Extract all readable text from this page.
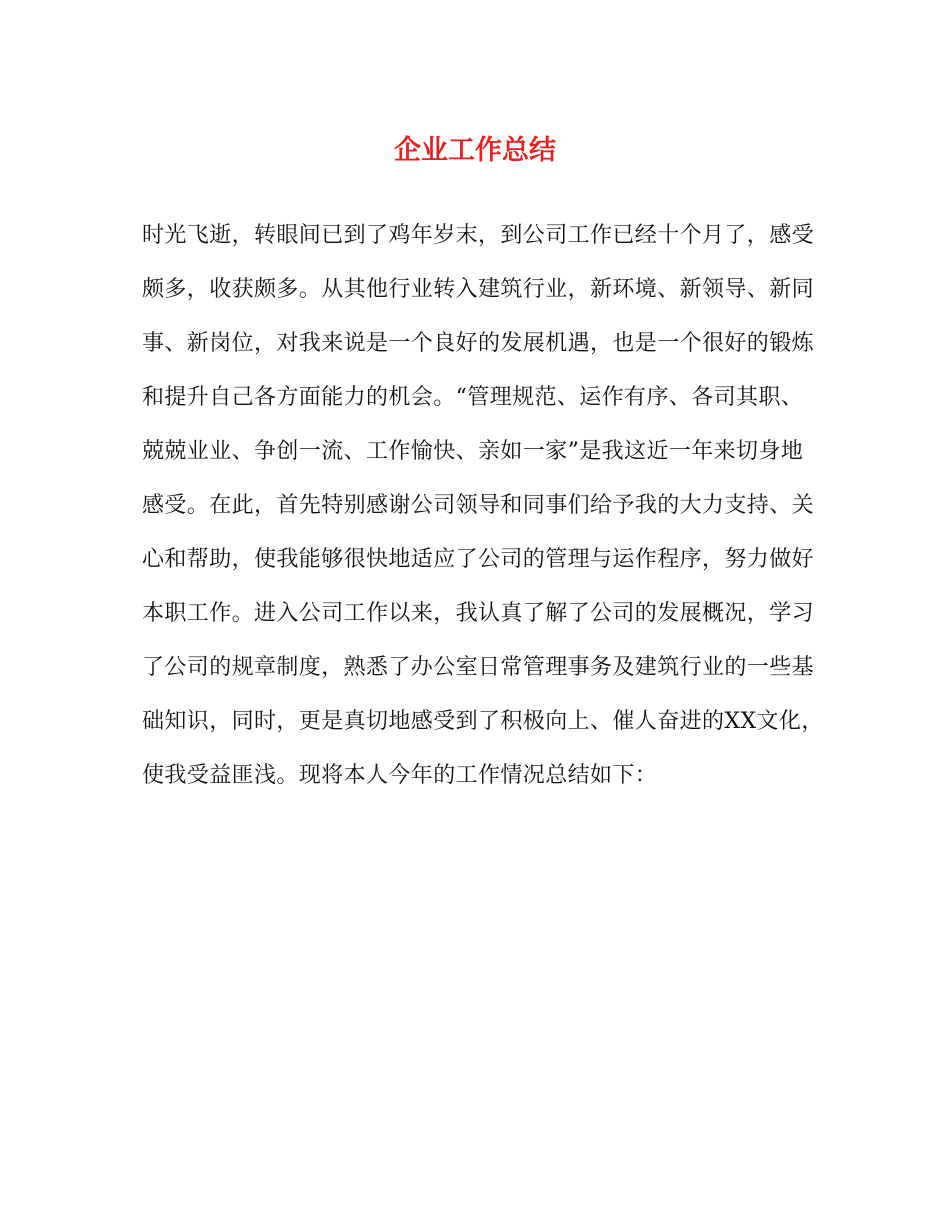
企业工作总结
时光飞逝，转眼间已到了鸡年岁末，到公司工作已经十个月了，感受
颇多，收获颇多。从其他行业转入建筑行业，新环境、新领导、新同
事、新岗位，对我来说是一个良好的发展机遇，也是一个很好的锻炼
和提升自己各方面能力的机会。“管理规范、运作有序、各司其职、
兢兢业业、争创一流、工作愉快、亲如一家”是我这近一年来切身地
感受。在此，首先特别感谢公司领导和同事们给予我的大力支持、关
心和帮助，使我能够很快地适应了公司的管理与运作程序，努力做好
本职工作。进入公司工作以来，我认真了解了公司的发展概况，学习
了公司的规章制度，熟悉了办公室日常管理事务及建筑行业的一些基
础知识，同时，更是真切地感受到了积极向上、催人奋进的XX文化，
使我受益匪浅。现将本人今年的工作情况总结如下：
